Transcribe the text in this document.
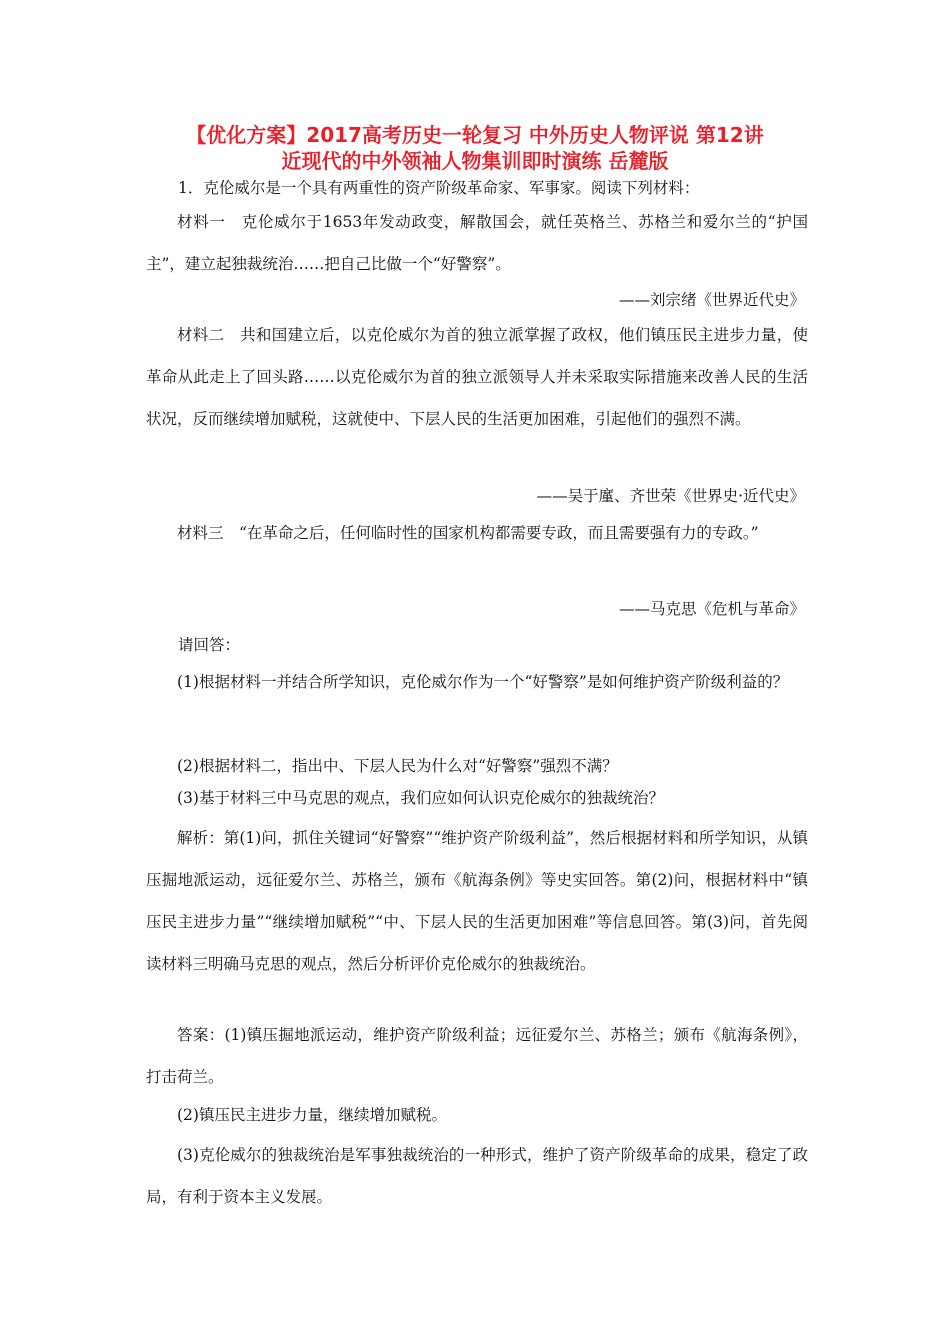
【优化方案】2017高考历史一轮复习 中外历史人物评说 第12讲
近现代的中外领袖人物集训即时演练 岳麓版
1．克伦威尔是一个具有两重性的资产阶级革命家、军事家。阅读下列材料：
材料一　克伦威尔于1653年发动政变，解散国会，就任英格兰、苏格兰和爱尔兰的“护国主”，建立起独裁统治……把自己比做一个“好警察”。
——刘宗绪《世界近代史》
材料二　共和国建立后，以克伦威尔为首的独立派掌握了政权，他们镇压民主进步力量，使革命从此走上了回头路……以克伦威尔为首的独立派领导人并未采取实际措施来改善人民的生活状况，反而继续增加赋税，这就使中、下层人民的生活更加困难，引起他们的强烈不满。
——吴于廑、齐世荣《世界史·近代史》
材料三　“在革命之后，任何临时性的国家机构都需要专政，而且需要强有力的专政。”
——马克思《危机与革命》
请回答：
(1)根据材料一并结合所学知识，克伦威尔作为一个“好警察”是如何维护资产阶级利益的？
(2)根据材料二，指出中、下层人民为什么对“好警察”强烈不满？
(3)基于材料三中马克思的观点，我们应如何认识克伦威尔的独裁统治？
解析：第(1)问，抓住关键词“好警察”“维护资产阶级利益”，然后根据材料和所学知识，从镇压掘地派运动，远征爱尔兰、苏格兰，颁布《航海条例》等史实回答。第(2)问，根据材料中“镇压民主进步力量”“继续增加赋税”“中、下层人民的生活更加困难”等信息回答。第(3)问，首先阅读材料三明确马克思的观点，然后分析评价克伦威尔的独裁统治。
答案：(1)镇压掘地派运动，维护资产阶级利益；远征爱尔兰、苏格兰；颁布《航海条例》，打击荷兰。
(2)镇压民主进步力量，继续增加赋税。
(3)克伦威尔的独裁统治是军事独裁统治的一种形式，维护了资产阶级革命的成果，稳定了政局，有利于资本主义发展。
